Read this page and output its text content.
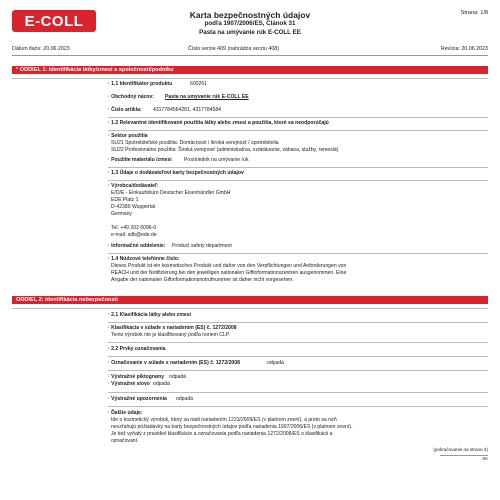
E-COLL	Karta bezpečnostných údajov
podľa 1907/2006/ES, Článok 31
Pasta na umývanie rúk E-COLL EE
Strana: 1/8
Dátum tlače: 20.06.2023	Číslo verzie 409 (nahrádza verziu 408)	Revízia: 20.06.2023
* ODDIEL 1: Identifikácia látky/zmesi a spoločnosti/podniku
· 1.1 Identifikátor produktu	600261
· Obchodný názov: Pasta na umývanie rúk E-COLL EE
· Číslo artikla: 4317784564281, 4317784584
· 1.2 Relevantné identifikované použitia látky alebo zmesi a použitia, ktoré sa neodporúčajú
· Sektor použitia
SU21 Spotrebiteľské použitia: Domácnosti / široká verejnosť / spotrebitelia
SU22 Profesionálne použitia: Široká verejnosť (administratíva, vzdelávanie, zábava, služby, remeslá)
· Použitie materiálu /zmesi Prostriedok na umývanie rúk
· 1.3 Údaje o dodávateľovi karty bezpečnostných údajov
· Výrobca/dodávateľ:
E/D/E - Einkaufsbüro Deutscher Eisenhändler GmbH
EDE Platz 1
D-42389 Wuppertal
Germany
Tel. +49 202 6096-0
e-mail: sdb@ede.de
· Informačné oddelenie: Product safety department
· 1.4 Núdzové telefónne číslo:
Dieses Produkt ist ein kosmetisches Produkt und daher von den Verpflichtungen und Anforderungen von
REACH und der Notifizierung bei den jeweiligen nationalen Giftinformationszentren ausgenommen. Eine
Angabe der nationalen Giftinformationsnotrufnummer ist daher nicht vorgesehen.
ODDIEL 2: Identifikácia nebezpečnosti
· 2.1 Klasifikácia látky alebo zmesi
· Klasifikácia v súlade s nariadením (ES) č. 1272/2008
Tento výrobok nie je klasifikovaný podľa noriem CLP.
· 2.2 Prvky označovania
· Označovanie v súlade s nariadením (ES) č. 1272/2008	odpadá
· Výstražné piktogramy odpadá
· Výstražné slovo odpadá
· Výstražné upozornenia odpadá
· Ďalšie údaje:
Ide o kozmetický výrobok, ktorý sa riadi nariadením 1223/2009/ES (v platnom znení), a preto sa neň
nevzťahujú požiadavky na karty bezpečnostných údajov podľa nariadenia 1907/2006/ES (v platnom znení).
Je tiež vyňatý z pravidiel klasifikácie a označovania podľa nariadenia 1272/2008/ES o klasifikácii a
označovaní.
(pokračovanie na strane 2)
SK
